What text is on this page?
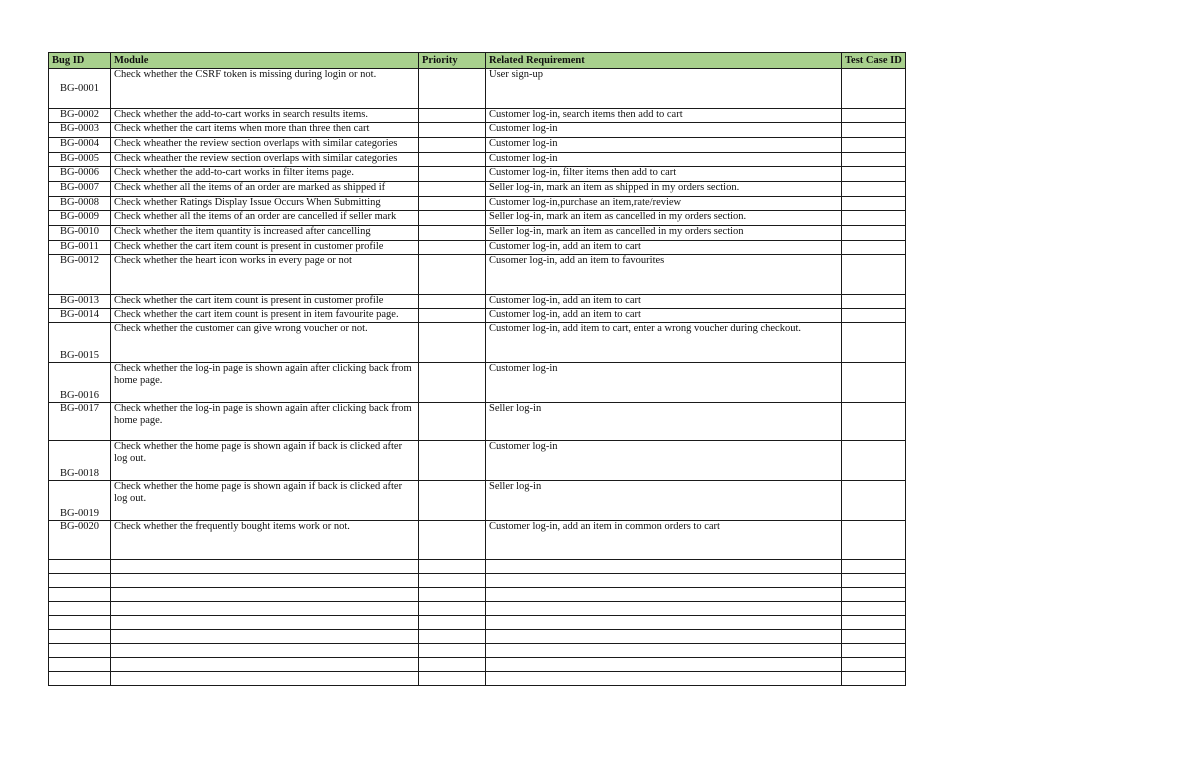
Bug ID	Module	Priority	Related Requirement	Test Case ID
BG-0001	Check whether the CSRF token is missing during login or not.		User sign-up	
BG-0002	Check whether the add-to-cart works in search results items.		Customer log-in, search items then add to cart	
BG-0003	Check whether the cart items when more than three then cart		Customer log-in	
BG-0004	Check wheather the review section overlaps with similar categories		Customer log-in	
BG-0005	Check wheather the review section overlaps with similar categories		Customer log-in	
BG-0006	Check whether the add-to-cart works in filter items page.		Customer log-in, filter items then add to cart	
BG-0007	Check whether all the items of an order are marked as shipped if		Seller log-in, mark an item as shipped in my orders section.	
BG-0008	Check whether Ratings Display Issue Occurs When Submitting		Customer log-in,purchase an item,rate/review	
BG-0009	Check whether all the items of an order are cancelled if seller mark		Seller log-in, mark an item as cancelled in my orders section.	
BG-0010	Check whether the item quantity is increased after cancelling		Seller log-in, mark an item as cancelled in my orders section	
BG-0011	Check whether the cart item count is present in customer profile		Customer log-in, add an item to cart	
BG-0012	Check whether the heart icon works in every page or not		Cusomer log-in, add an item to favourites	
BG-0013	Check whether the cart item count is present in customer profile		Customer log-in, add an item to cart	
BG-0014	Check whether the cart item count is present in item favourite page.		Customer log-in, add an item to cart	
BG-0015	Check whether the customer can give wrong voucher or not.		Customer log-in, add item to cart, enter a wrong voucher during checkout.	
BG-0016	Check whether the log-in page is shown again after clicking back from home page.		Customer log-in	
BG-0017	Check whether the log-in page is shown again after clicking back from home page.		Seller log-in	
BG-0018	Check whether the home page is shown again if back is clicked after log out.		Customer log-in	
BG-0019	Check whether the home page is shown again if back is clicked after log out.		Seller log-in	
BG-0020	Check whether the frequently bought items work or not.		Customer log-in, add an item in common orders to cart	
